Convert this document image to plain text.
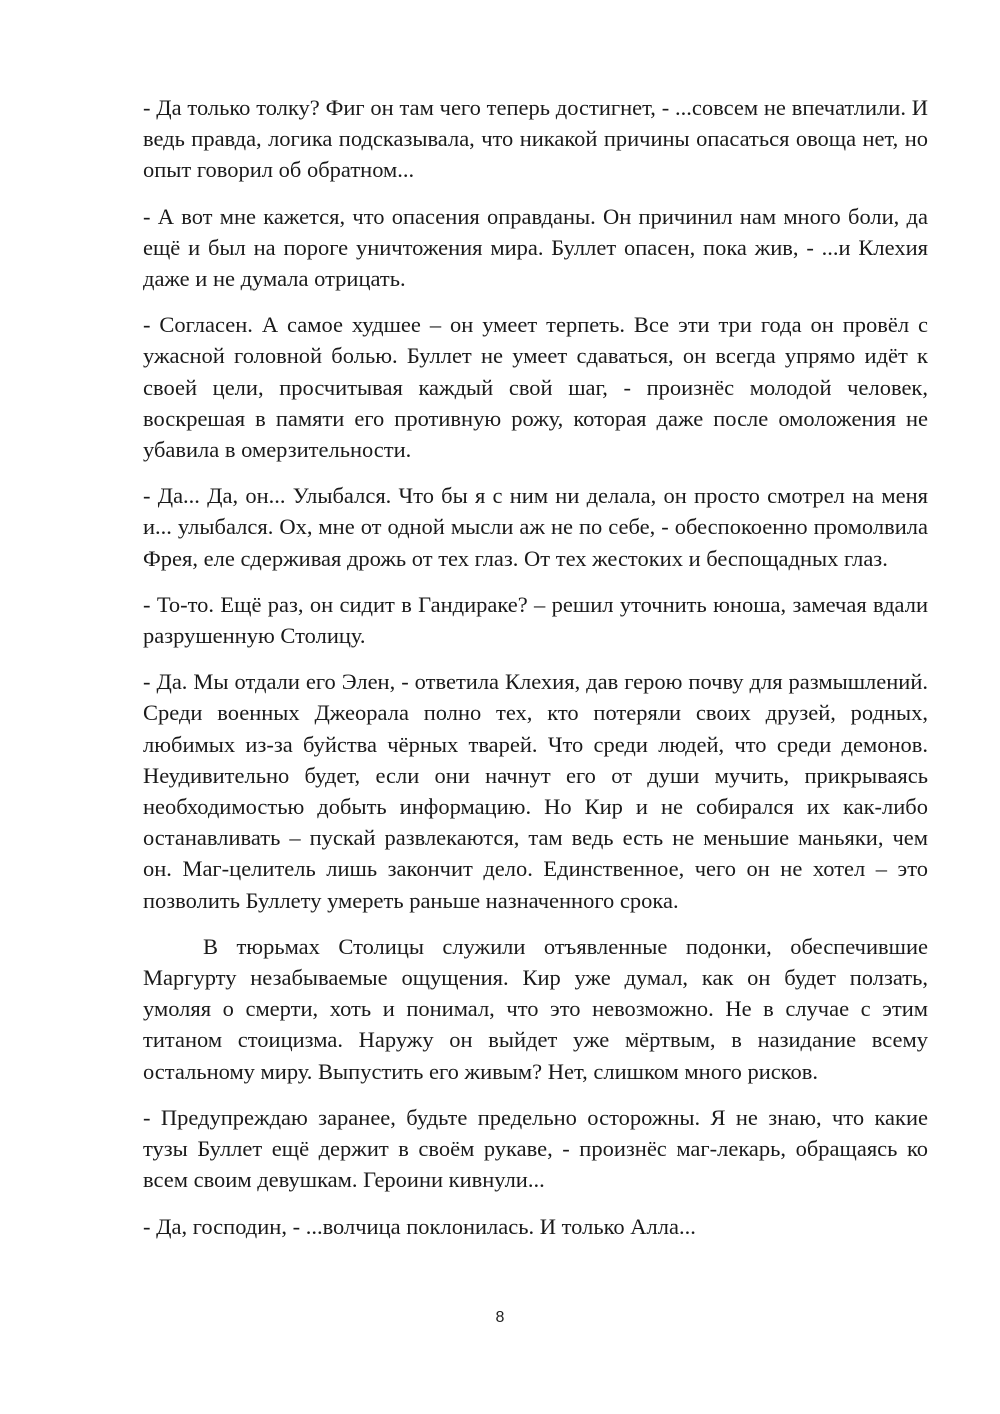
- Да только толку? Фиг он там чего теперь достигнет, - ...совсем не впечатлили. И ведь правда, логика подсказывала, что никакой причины опасаться овоща нет, но опыт говорил об обратном...

- А вот мне кажется, что опасения оправданы. Он причинил нам много боли, да ещё и был на пороге уничтожения мира. Буллет опасен, пока жив, - ...и Клехия даже и не думала отрицать.

- Согласен. А самое худшее – он умеет терпеть. Все эти три года он провёл с ужасной головной болью. Буллет не умеет сдаваться, он всегда упрямо идёт к своей цели, просчитывая каждый свой шаг, - произнёс молодой человек, воскрешая в памяти его противную рожу, которая даже после омоложения не убавила в омерзительности.

- Да... Да, он... Улыбался. Что бы я с ним ни делала, он просто смотрел на меня и... улыбался. Ох, мне от одной мысли аж не по себе, - обеспокоенно промолвила Фрея, еле сдерживая дрожь от тех глаз. От тех жестоких и беспощадных глаз.

- То-то. Ещё раз, он сидит в Гандираке? – решил уточнить юноша, замечая вдали разрушенную Столицу.

- Да. Мы отдали его Элен, - ответила Клехия, дав герою почву для размышлений. Среди военных Джеорала полно тех, кто потеряли своих друзей, родных, любимых из-за буйства чёрных тварей. Что среди людей, что среди демонов. Неудивительно будет, если они начнут его от души мучить, прикрываясь необходимостью добыть информацию. Но Кир и не собирался их как-либо останавливать – пускай развлекаются, там ведь есть не меньшие маньяки, чем он. Маг-целитель лишь закончит дело. Единственное, чего он не хотел – это позволить Буллету умереть раньше назначенного срока.

В тюрьмах Столицы служили отъявленные подонки, обеспечившие Маргурту незабываемые ощущения. Кир уже думал, как он будет ползать, умоляя о смерти, хоть и понимал, что это невозможно. Не в случае с этим титаном стоицизма. Наружу он выйдет уже мёртвым, в назидание всему остальному миру. Выпустить его живым? Нет, слишком много рисков.

- Предупреждаю заранее, будьте предельно осторожны. Я не знаю, что какие тузы Буллет ещё держит в своём рукаве, - произнёс маг-лекарь, обращаясь ко всем своим девушкам. Героини кивнули...

- Да, господин, - ...волчица поклонилась. И только Алла...

8
